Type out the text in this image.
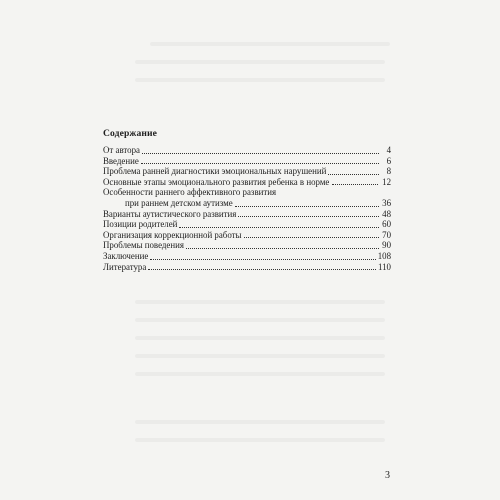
Содержание
От автора	4
Введение	6
Проблема ранней диагностики эмоциональных нарушений	8
Основные этапы эмоционального развития ребенка в норме	12
Особенности раннего аффективного развития
при раннем детском аутизме	36
Варианты аутистического развития	48
Позиции родителей	60
Организация коррекционной работы	70
Проблемы поведения	90
Заключение	108
Литература	110
3
